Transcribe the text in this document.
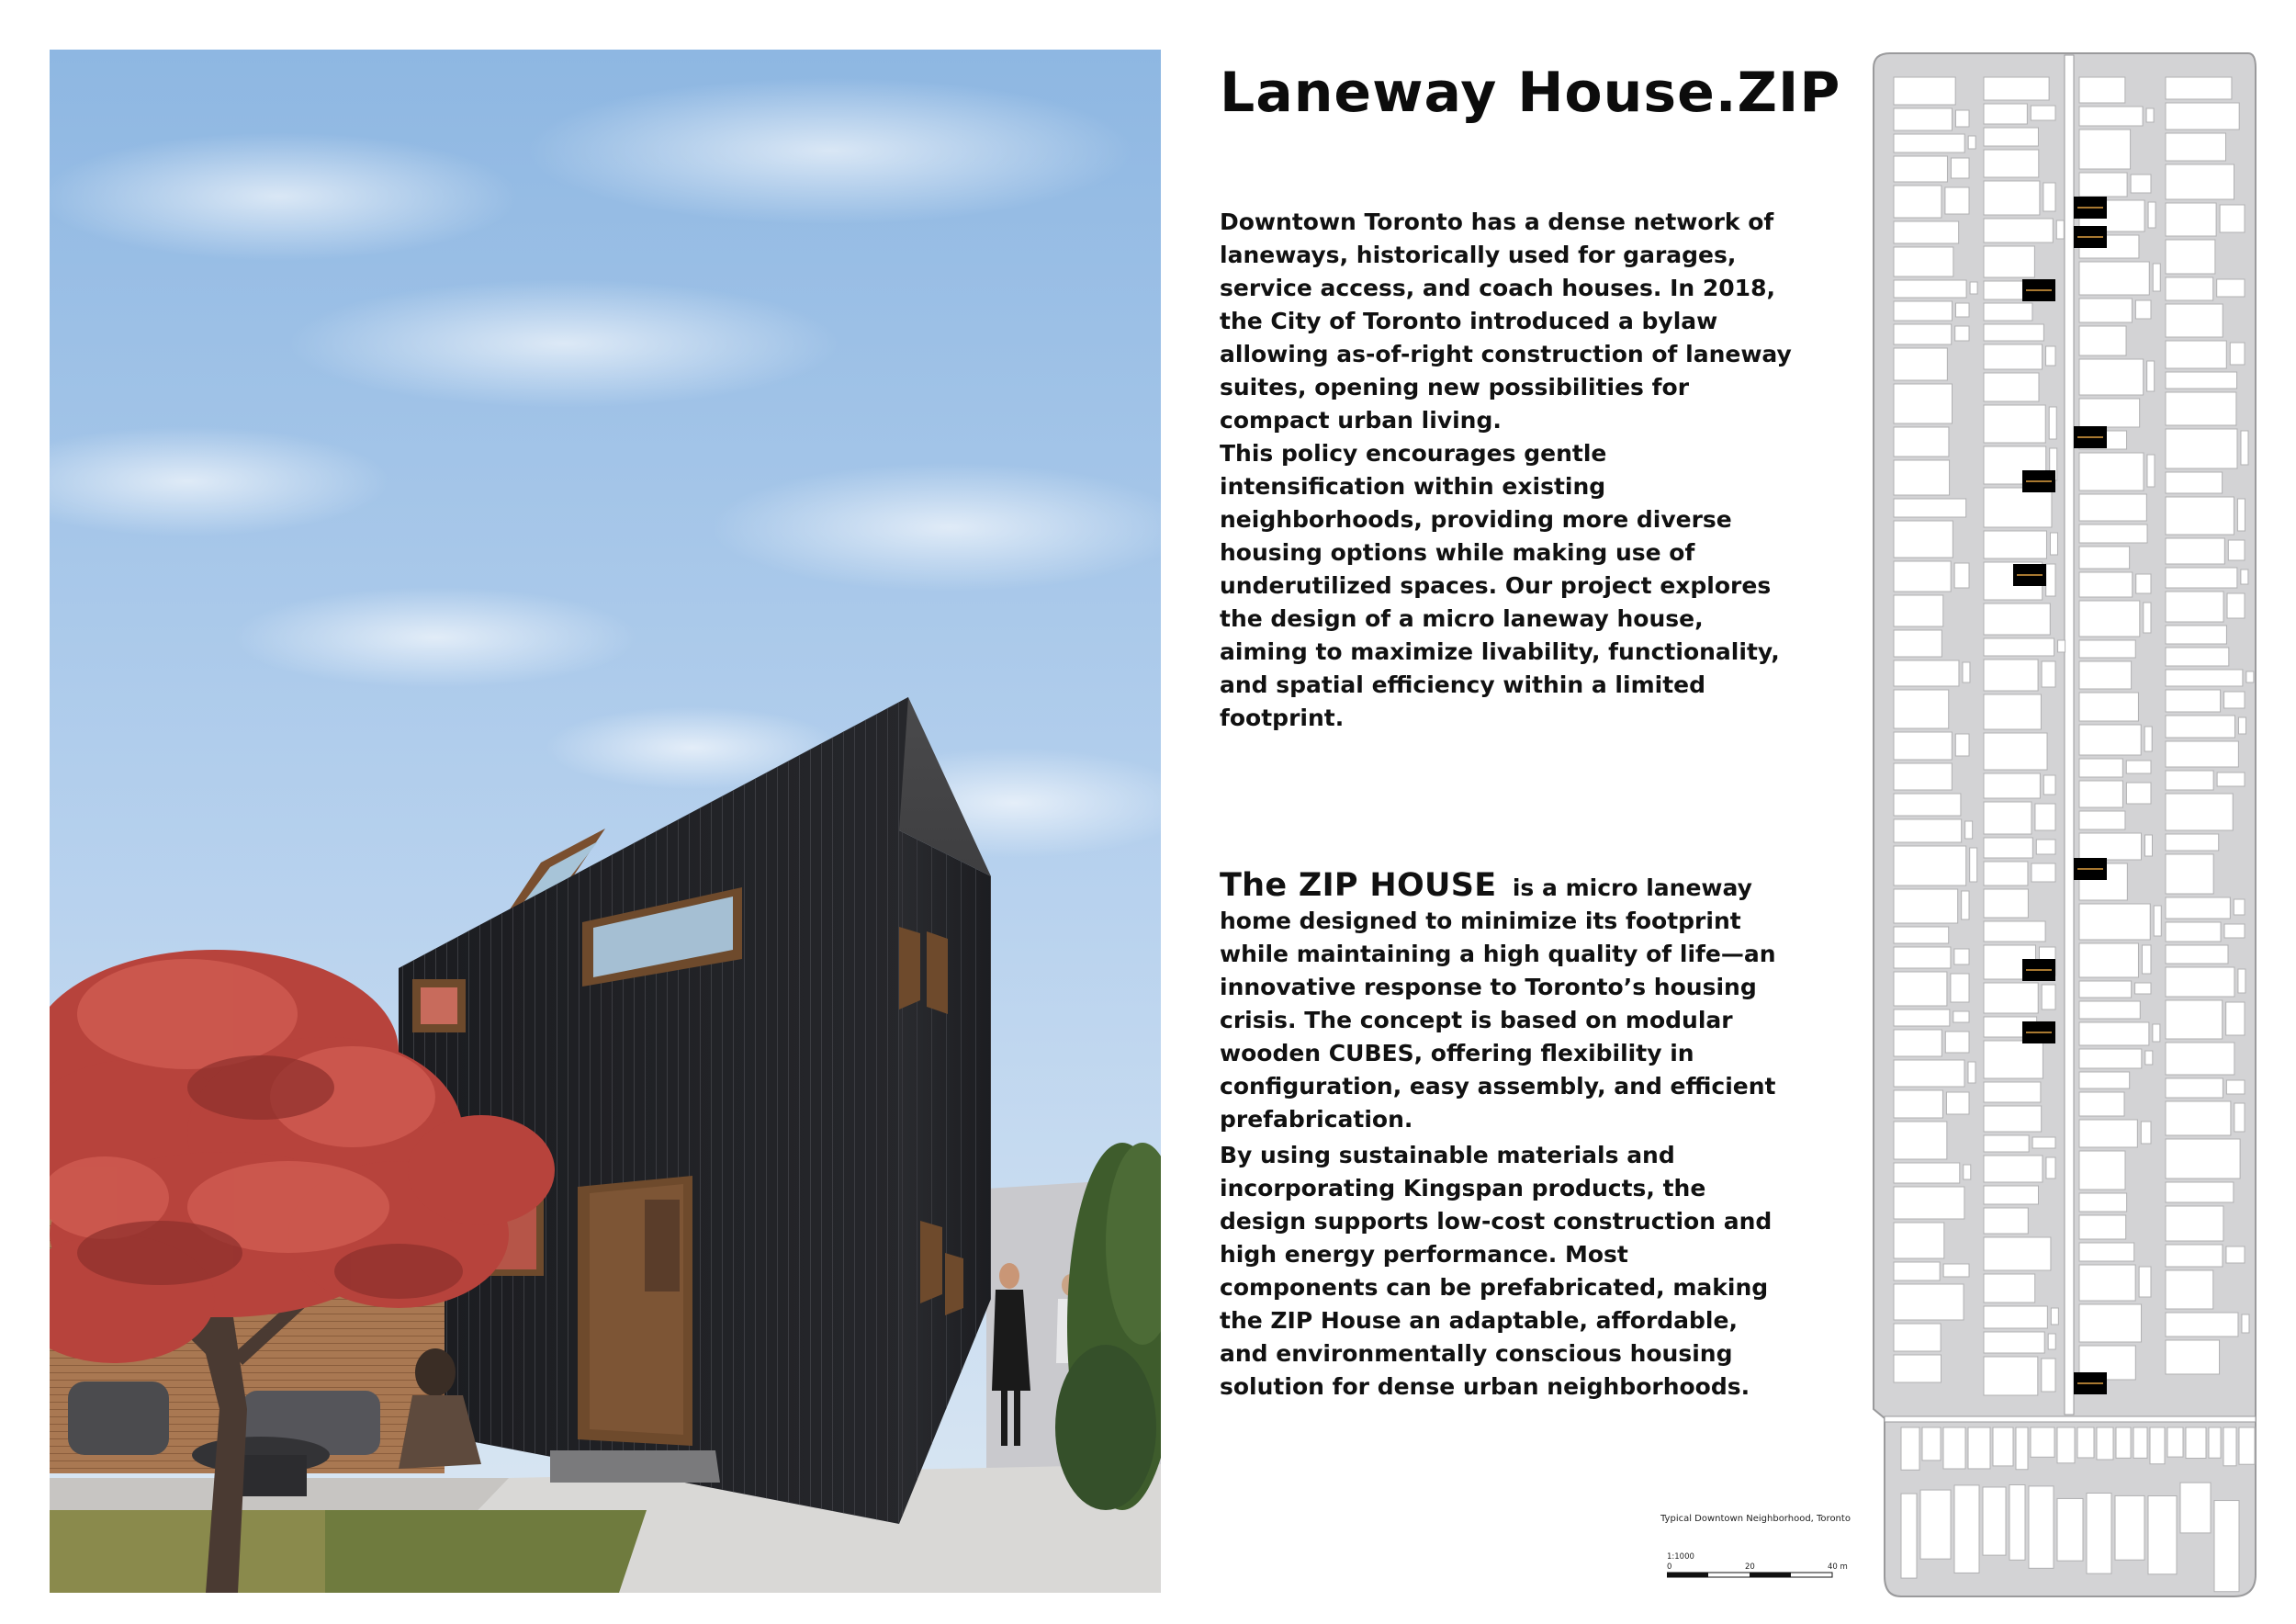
Laneway House.ZIP

Downtown Toronto has a dense network of laneways, historically used for garages, service access, and coach houses. In 2018, the City of Toronto introduced a bylaw allowing as-of-right construction of laneway suites, opening new possibilities for compact urban living.

This policy encourages gentle intensification within existing neighborhoods, providing more diverse housing options while making use of underutilized spaces. Our project explores the design of a micro laneway house, aiming to maximize livability, functionality, and spatial efficiency within a limited footprint.

The ZIP HOUSE is a micro laneway home designed to minimize its footprint while maintaining a high quality of life—an innovative response to Toronto’s housing crisis. The concept is based on modular wooden CUBES, offering flexibility in configuration, easy assembly, and efficient prefabrication.

By using sustainable materials and incorporating Kingspan products, the design supports low-cost construction and high energy performance. Most components can be prefabricated, making the ZIP House an adaptable, affordable, and environmentally conscious housing solution for dense urban neighborhoods.

Typical Downtown Neighborhood, Toronto

1:1000
0	20	40 m
